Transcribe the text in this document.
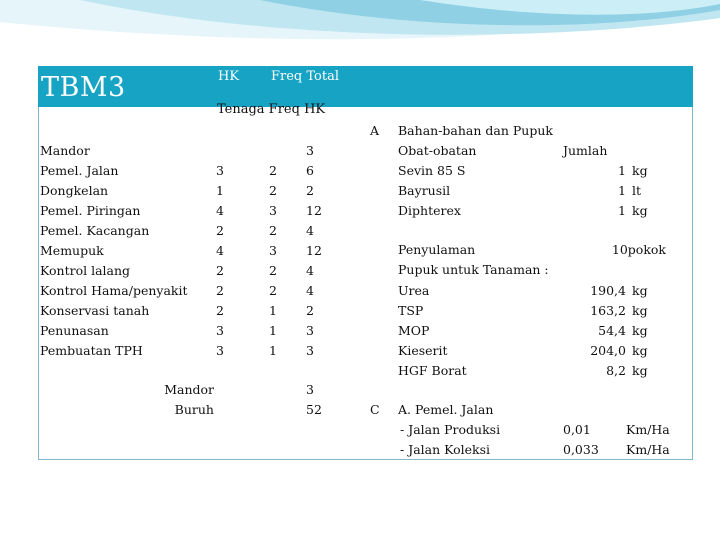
TBM3	HK Freq Total
Tenaga Freq HK
Mandor	3
Pemel. Jalan	3	2 6
Dongkelan	1	2 2
Pemel. Piringan	4	3 12
Pemel. Kacangan	2	2 4
Memupuk	4	3 12
Kontrol lalang	2	2 4
Kontrol Hama/penyakit 2	2 4
Konservasi tanah	2	1 2
Penunasan	3	1 3
Pembuatan TPH	3	1 3
Mandor	3
Buruh	52
A Bahan-bahan dan Pupuk
Obat-obatan	Jumlah
Sevin 85 S	1 kg
Bayrusil	1 lt
Diphterex	1 kg
Urea	190,4 kg
TSP	163,2 kg
MOP	54,4 kg
Kieserit	204,0 kg
HGF Borat	8,2 kg
Penyulaman	10pokok
Pupuk untuk Tanaman :
C A. Pemel. Jalan
- Jalan Produksi	0,01	Km/Ha
- Jalan Koleksi	0,033 Km/Ha
